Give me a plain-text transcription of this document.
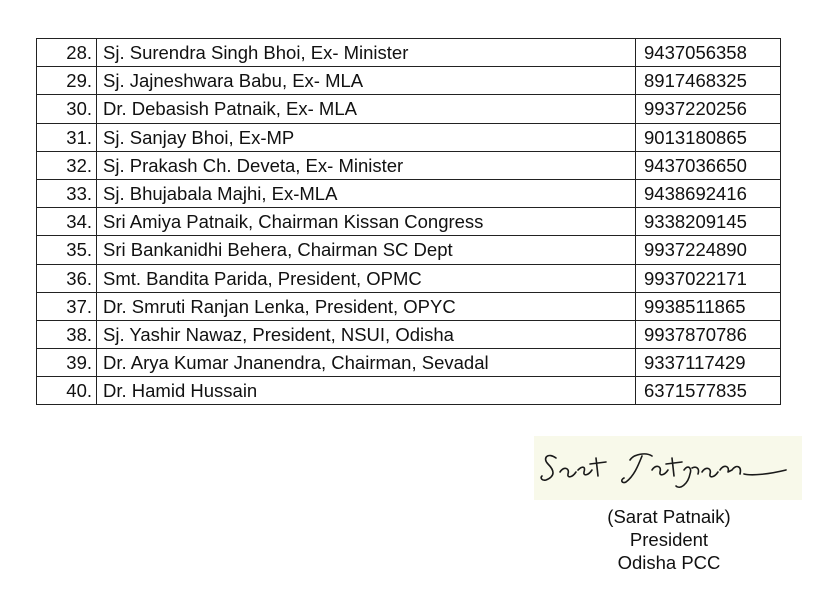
28.	Sj. Surendra Singh Bhoi, Ex- Minister	9437056358
29.	Sj. Jajneshwara Babu, Ex- MLA	8917468325
30.	Dr. Debasish Patnaik, Ex- MLA	9937220256
31.	Sj. Sanjay Bhoi, Ex-MP	9013180865
32.	Sj. Prakash Ch. Deveta, Ex- Minister	9437036650
33.	Sj. Bhujabala Majhi, Ex-MLA	9438692416
34.	Sri Amiya Patnaik, Chairman Kissan Congress	9338209145
35.	Sri Bankanidhi Behera, Chairman SC Dept	9937224890
36.	Smt. Bandita Parida, President, OPMC	9937022171
37.	Dr. Smruti Ranjan Lenka, President, OPYC	9938511865
38.	Sj. Yashir Nawaz, President, NSUI, Odisha	9937870786
39.	Dr. Arya Kumar Jnanendra, Chairman, Sevadal	9337117429
40.	Dr. Hamid Hussain	6371577835
(Sarat Patnaik)
President
Odisha PCC
